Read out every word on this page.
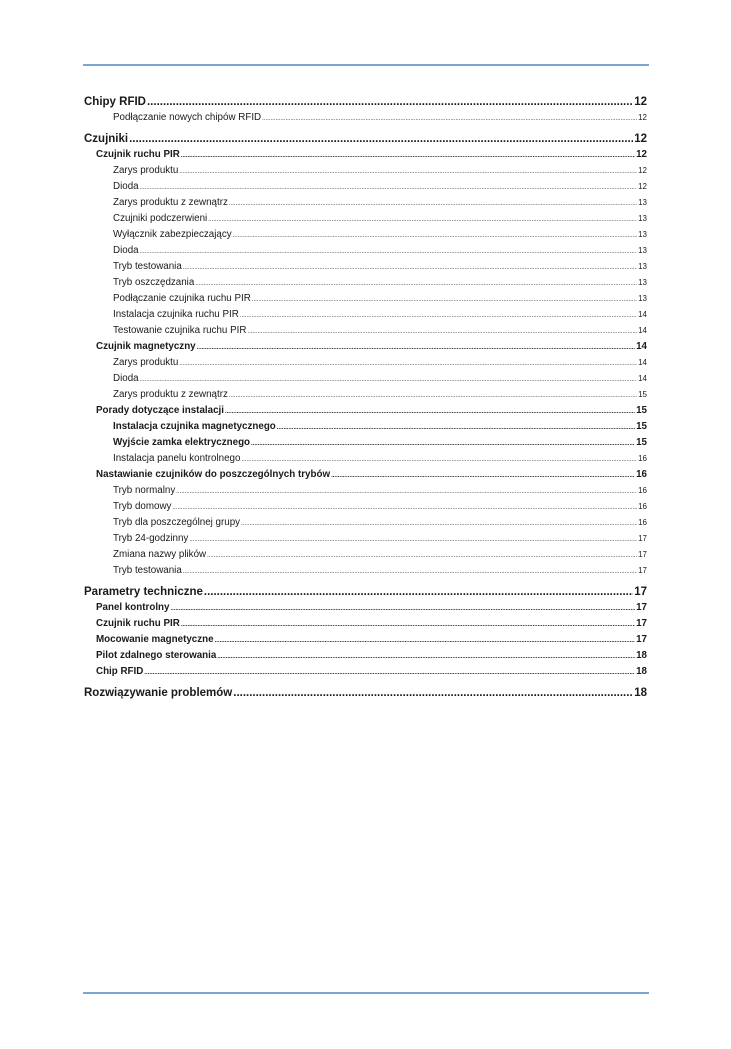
Chipy RFID .....	12
Podłączanie nowych chipów RFID .....	12
Czujniki .....	12
Czujnik ruchu PIR .....	12
Zarys produktu .....	12
Dioda .....	12
Zarys produktu z zewnątrz .....	13
Czujniki podczerwieni .....	13
Wyłącznik zabezpieczający .....	13
Dioda .....	13
Tryb testowania .....	13
Tryb oszczędzania .....	13
Podłączanie czujnika ruchu PIR .....	13
Instalacja czujnika ruchu PIR .....	14
Testowanie czujnika ruchu PIR .....	14
Czujnik magnetyczny .....	14
Zarys produktu .....	14
Dioda .....	14
Zarys produktu z zewnątrz .....	15
Porady dotyczące instalacji .....	15
Instalacja czujnika magnetycznego .....	15
Wyjście zamka elektrycznego .....	15
Instalacja panelu kontrolnego .....	16
Nastawianie czujników do poszczególnych trybów .....	16
Tryb normalny .....	16
Tryb domowy .....	16
Tryb dla poszczególnej grupy .....	16
Tryb 24-godzinny .....	17
Zmiana nazwy plików .....	17
Tryb testowania .....	17
Parametry techniczne .....	17
Panel kontrolny .....	17
Czujnik ruchu PIR .....	17
Mocowanie magnetyczne .....	17
Pilot zdalnego sterowania .....	18
Chip RFID .....	18
Rozwiązywanie problemów .....	18
